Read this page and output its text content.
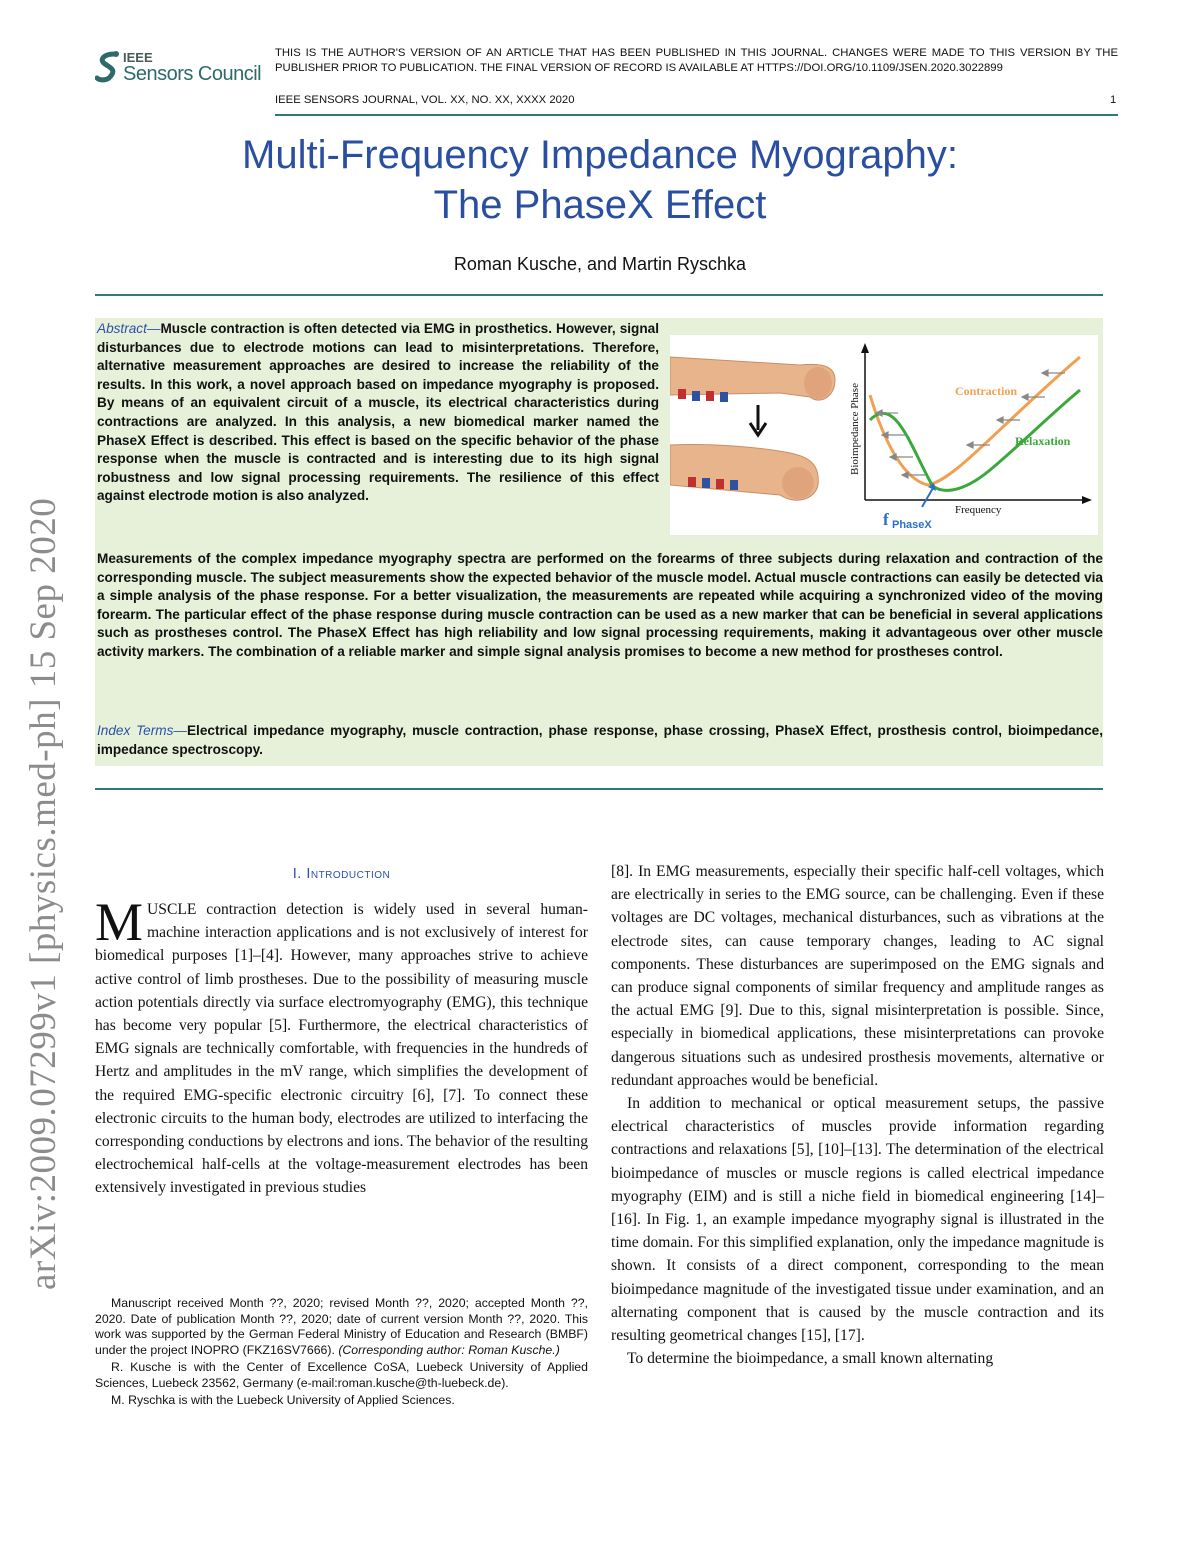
arXiv:2009.07299v1 [physics.med-ph] 15 Sep 2020
IEEE
Sensors Council
THIS IS THE AUTHOR'S VERSION OF AN ARTICLE THAT HAS BEEN PUBLISHED IN THIS JOURNAL. CHANGES WERE MADE TO THIS VERSION BY THE PUBLISHER PRIOR TO PUBLICATION. THE FINAL VERSION OF RECORD IS AVAILABLE AT HTTPS://DOI.ORG/10.1109/JSEN.2020.3022899
IEEE SENSORS JOURNAL, VOL. XX, NO. XX, XXXX 2020	1
Multi-Frequency Impedance Myography:
The PhaseX Effect
Roman Kusche, and Martin Ryschka
Abstract—Muscle contraction is often detected via EMG in prosthetics. However, signal disturbances due to electrode motions can lead to misinterpretations. Therefore, alternative measurement approaches are desired to increase the reliability of the results. In this work, a novel approach based on impedance myography is proposed. By means of an equivalent circuit of a muscle, its electrical characteristics during contractions are analyzed. In this analysis, a new biomedical marker named the PhaseX Effect is described. This effect is based on the specific behavior of the phase response when the muscle is contracted and is interesting due to its high signal robustness and low signal processing requirements. The resilience of this effect against electrode motion is also analyzed.
Measurements of the complex impedance myography spectra are performed on the forearms of three subjects during relaxation and contraction of the corresponding muscle. The subject measurements show the expected behavior of the muscle model. Actual muscle contractions can easily be detected via a simple analysis of the phase response. For a better visualization, the measurements are repeated while acquiring a synchronized video of the moving forearm. The particular effect of the phase response during muscle contraction can be used as a new marker that can be beneficial in several applications such as prostheses control. The PhaseX Effect has high reliability and low signal processing requirements, making it advantageous over other muscle activity markers. The combination of a reliable marker and simple signal analysis promises to become a new method for prostheses control.
Index Terms—Electrical impedance myography, muscle contraction, phase response, phase crossing, PhaseX Effect, prosthesis control, bioimpedance, impedance spectroscopy.
Bioimpedance Phase
Frequency
Contraction
Relaxation
f PhaseX
I. Introduction
MUSCLE contraction detection is widely used in several human-machine interaction applications and is not exclusively of interest for biomedical purposes [1]–[4]. However, many approaches strive to achieve active control of limb prostheses. Due to the possibility of measuring muscle action potentials directly via surface electromyography (EMG), this technique has become very popular [5]. Furthermore, the electrical characteristics of EMG signals are technically comfortable, with frequencies in the hundreds of Hertz and amplitudes in the mV range, which simplifies the development of the required EMG-specific electronic circuitry [6], [7]. To connect these electronic circuits to the human body, electrodes are utilized to interfacing the corresponding conductions by electrons and ions. The behavior of the resulting electrochemical half-cells at the voltage-measurement electrodes has been extensively investigated in previous studies
[8]. In EMG measurements, especially their specific half-cell voltages, which are electrically in series to the EMG source, can be challenging. Even if these voltages are DC voltages, mechanical disturbances, such as vibrations at the electrode sites, can cause temporary changes, leading to AC signal components. These disturbances are superimposed on the EMG signals and can produce signal components of similar frequency and amplitude ranges as the actual EMG [9]. Due to this, signal misinterpretation is possible. Since, especially in biomedical applications, these misinterpretations can provoke dangerous situations such as undesired prosthesis movements, alternative or redundant approaches would be beneficial.
In addition to mechanical or optical measurement setups, the passive electrical characteristics of muscles provide information regarding contractions and relaxations [5], [10]–[13]. The determination of the electrical bioimpedance of muscles or muscle regions is called electrical impedance myography (EIM) and is still a niche field in biomedical engineering [14]–[16]. In Fig. 1, an example impedance myography signal is illustrated in the time domain. For this simplified explanation, only the impedance magnitude is shown. It consists of a direct component, corresponding to the mean bioimpedance magnitude of the investigated tissue under examination, and an alternating component that is caused by the muscle contraction and its resulting geometrical changes [15], [17].
To determine the bioimpedance, a small known alternating

Manuscript received Month ??, 2020; revised Month ??, 2020; accepted Month ??, 2020. Date of publication Month ??, 2020; date of current version Month ??, 2020. This work was supported by the German Federal Ministry of Education and Research (BMBF) under the project INOPRO (FKZ16SV7666). (Corresponding author: Roman Kusche.)

R. Kusche is with the Center of Excellence CoSA, Luebeck University of Applied Sciences, Luebeck 23562, Germany (e-mail:roman.kusche@th-luebeck.de).

M. Ryschka is with the Luebeck University of Applied Sciences.
